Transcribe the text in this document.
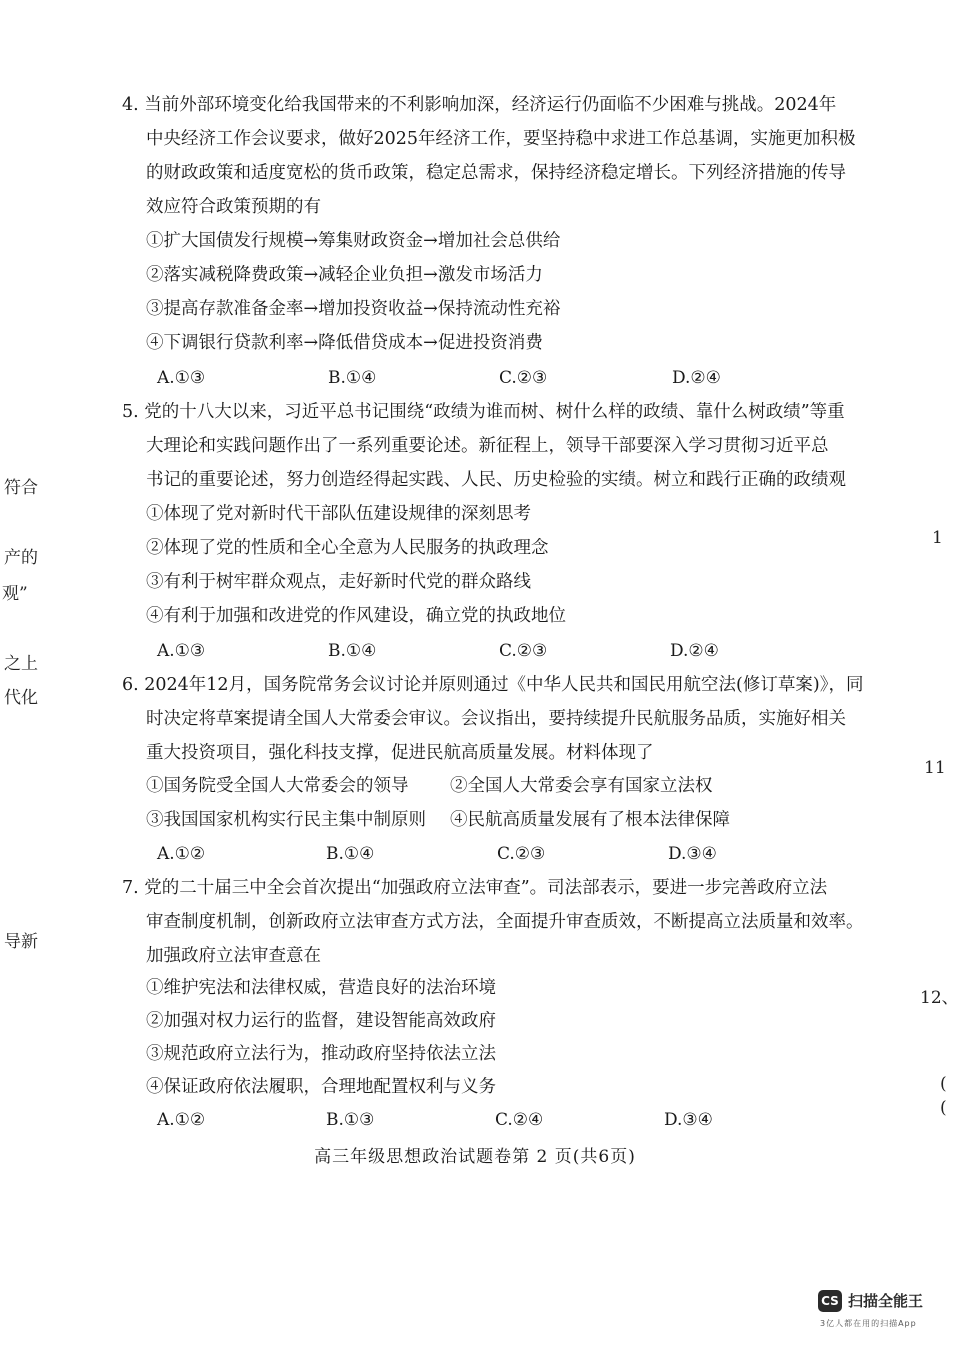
符合
产的
观”
之上
代化
导新
1
11
12、
(
(
4. 当前外部环境变化给我国带来的不利影响加深，经济运行仍面临不少困难与挑战。2024年
中央经济工作会议要求，做好2025年经济工作，要坚持稳中求进工作总基调，实施更加积极
的财政政策和适度宽松的货币政策，稳定总需求，保持经济稳定增长。下列经济措施的传导
效应符合政策预期的有
①扩大国债发行规模→筹集财政资金→增加社会总供给
②落实减税降费政策→减轻企业负担→激发市场活力
③提高存款准备金率→增加投资收益→保持流动性充裕
④下调银行贷款利率→降低借贷成本→促进投资消费
A.①③	B.①④	C.②③	D.②④
5. 党的十八大以来，习近平总书记围绕“政绩为谁而树、树什么样的政绩、靠什么树政绩”等重
大理论和实践问题作出了一系列重要论述。新征程上，领导干部要深入学习贯彻习近平总
书记的重要论述，努力创造经得起实践、人民、历史检验的实绩。树立和践行正确的政绩观
①体现了党对新时代干部队伍建设规律的深刻思考
②体现了党的性质和全心全意为人民服务的执政理念
③有利于树牢群众观点，走好新时代党的群众路线
④有利于加强和改进党的作风建设，确立党的执政地位
A.①③	B.①④	C.②③	D.②④
6. 2024年12月，国务院常务会议讨论并原则通过《中华人民共和国民用航空法(修订草案)》，同
时决定将草案提请全国人大常委会审议。会议指出，要持续提升民航服务品质，实施好相关
重大投资项目，强化科技支撑，促进民航高质量发展。材料体现了
①国务院受全国人大常委会的领导 ②全国人大常委会享有国家立法权
③我国国家机构实行民主集中制原则 ④民航高质量发展有了根本法律保障
A.①②	B.①④	C.②③	D.③④
7. 党的二十届三中全会首次提出“加强政府立法审查”。司法部表示，要进一步完善政府立法
审查制度机制，创新政府立法审查方式方法，全面提升审查质效，不断提高立法质量和效率。
加强政府立法审查意在
①维护宪法和法律权威，营造良好的法治环境
②加强对权力运行的监督，建设智能高效政府
③规范政府立法行为，推动政府坚持依法立法
④保证政府依法履职，合理地配置权利与义务
A.①②	B.①③	C.②④	D.③④
高三年级思想政治试题卷第 2 页(共6页)
CS 扫描全能王
3亿人都在用的扫描App
